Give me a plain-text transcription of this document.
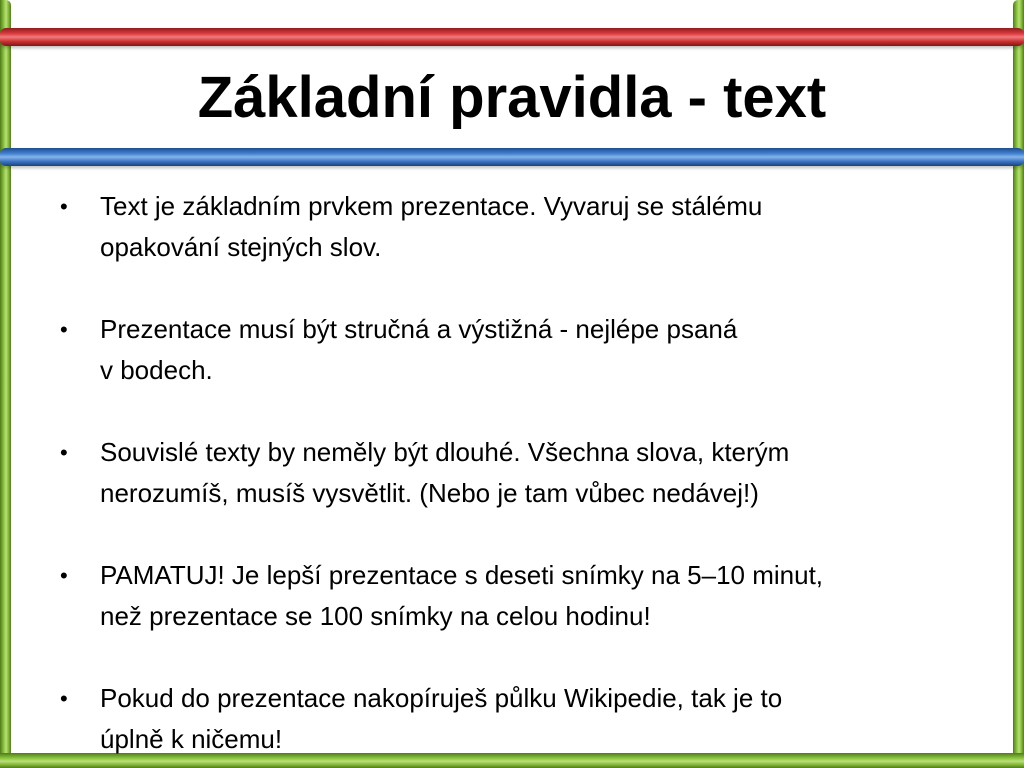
Základní pravidla - text
• Text je základním prvkem prezentace. Vyvaruj se stálému
opakování stejných slov.
• Prezentace musí být stručná a výstižná - nejlépe psaná
v bodech.
• Souvislé texty by neměly být dlouhé. Všechna slova, kterým
nerozumíš, musíš vysvětlit. (Nebo je tam vůbec nedávej!)
• PAMATUJ! Je lepší prezentace s deseti snímky na 5–10 minut,
než prezentace se 100 snímky na celou hodinu!
• Pokud do prezentace nakopíruješ půlku Wikipedie, tak je to
úplně k ničemu!
